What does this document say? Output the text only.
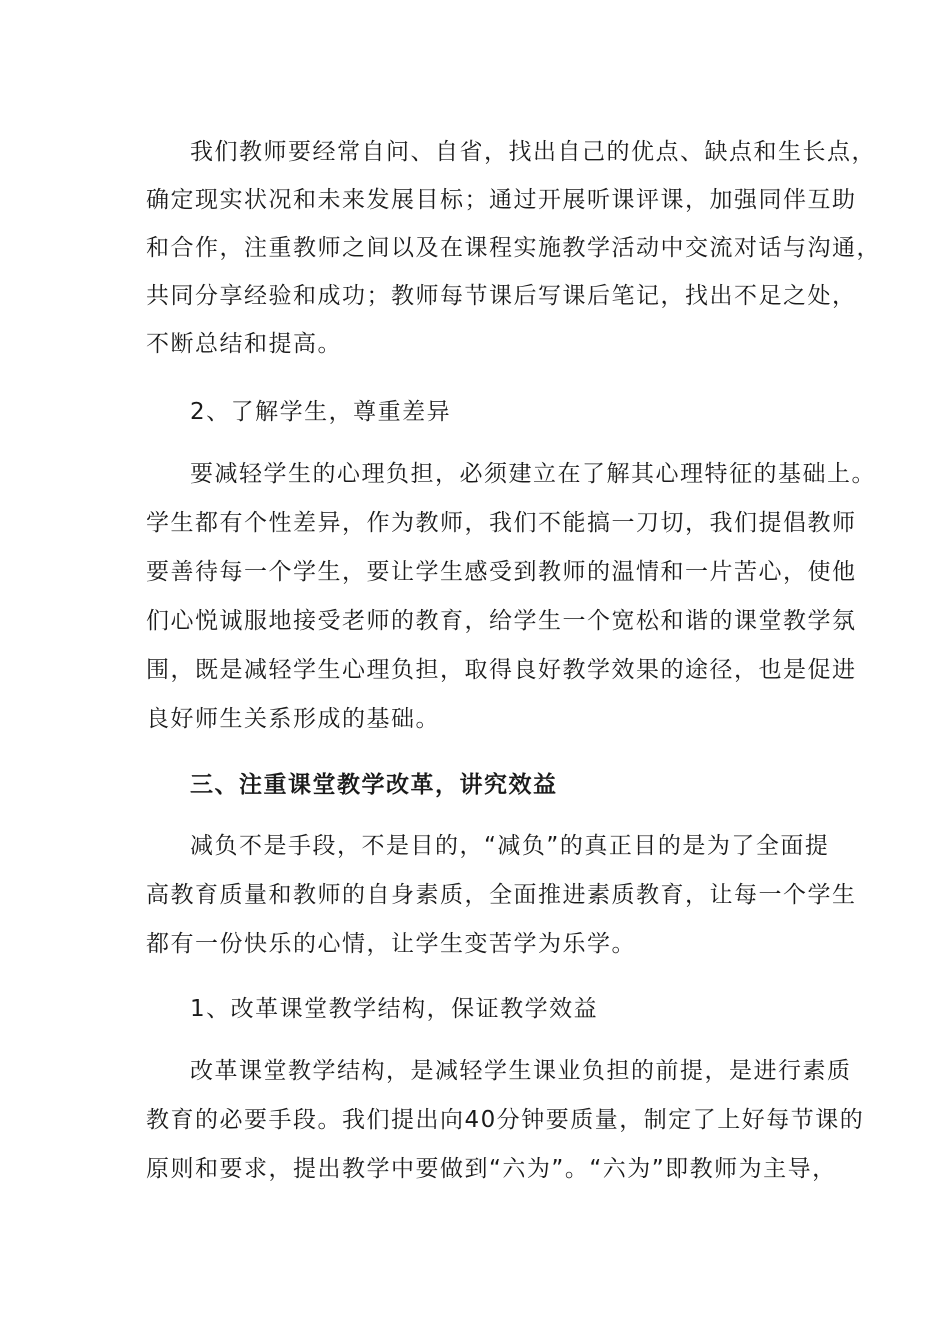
我们教师要经常自问、自省，找出自己的优点、缺点和生长点，
确定现实状况和未来发展目标；通过开展听课评课，加强同伴互助
和合作，注重教师之间以及在课程实施教学活动中交流对话与沟通，
共同分享经验和成功；教师每节课后写课后笔记，找出不足之处，
不断总结和提高。
2、了解学生，尊重差异
要减轻学生的心理负担，必须建立在了解其心理特征的基础上。
学生都有个性差异，作为教师，我们不能搞一刀切，我们提倡教师
要善待每一个学生，要让学生感受到教师的温情和一片苦心，使他
们心悦诚服地接受老师的教育，给学生一个宽松和谐的课堂教学氛
围，既是减轻学生心理负担，取得良好教学效果的途径，也是促进
良好师生关系形成的基础。
三、注重课堂教学改革，讲究效益
减负不是手段，不是目的，“减负”的真正目的是为了全面提
高教育质量和教师的自身素质，全面推进素质教育，让每一个学生
都有一份快乐的心情，让学生变苦学为乐学。
1、改革课堂教学结构，保证教学效益
改革课堂教学结构，是减轻学生课业负担的前提，是进行素质
教育的必要手段。我们提出向40分钟要质量，制定了上好每节课的
原则和要求，提出教学中要做到“六为”。“六为”即教师为主导，
